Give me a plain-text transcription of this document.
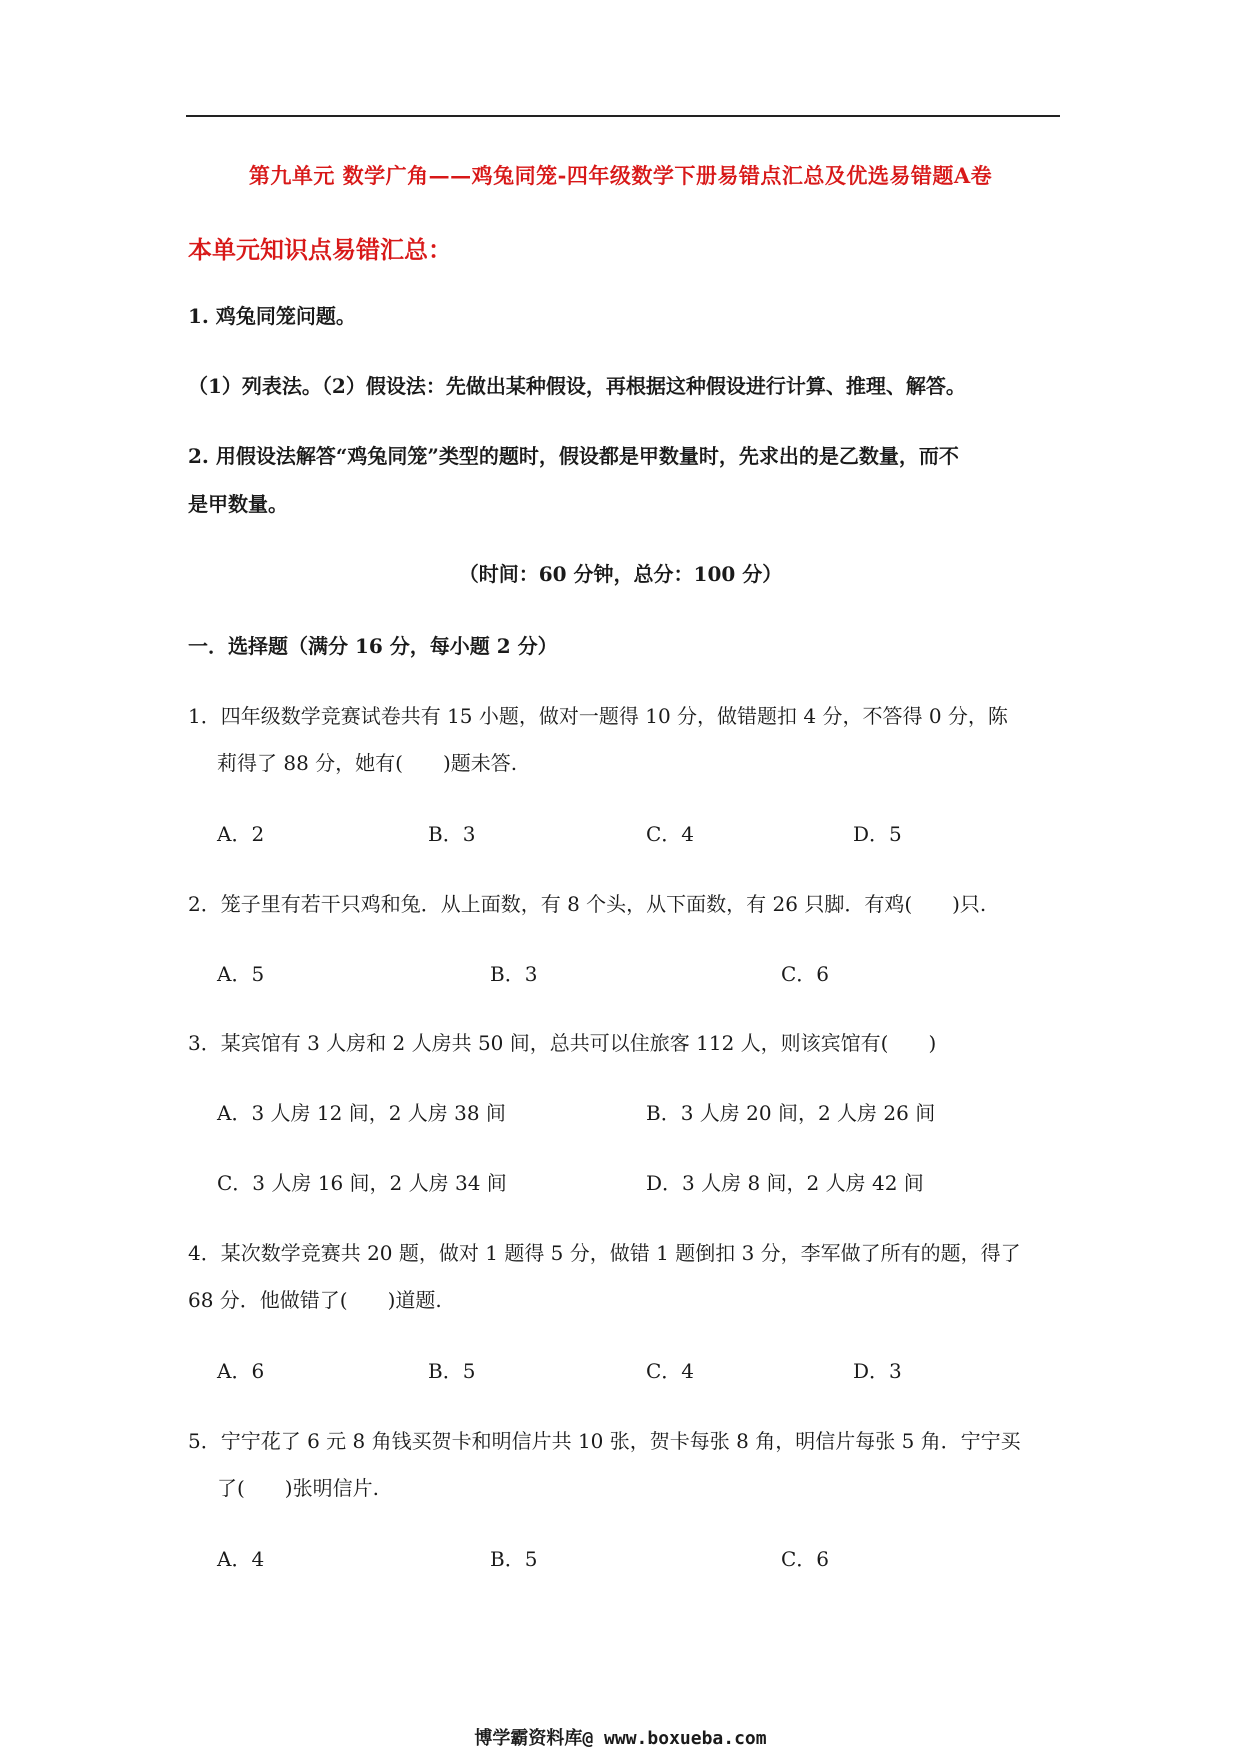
第九单元 数学广角——鸡兔同笼-四年级数学下册易错点汇总及优选易错题A卷
本单元知识点易错汇总：
1. 鸡兔同笼问题。
（1）列表法。（2）假设法：先做出某种假设，再根据这种假设进行计算、推理、解答。
2. 用假设法解答“鸡兔同笼”类型的题时，假设都是甲数量时，先求出的是乙数量，而不
是甲数量。
（时间：60 分钟，总分：100 分）
一．选择题（满分 16 分，每小题 2 分）
1．四年级数学竞赛试卷共有 15 小题，做对一题得 10 分，做错题扣 4 分，不答得 0 分，陈
莉得了 88 分，她有(　　)题未答.
A．2	B．3	C．4	D．5
2．笼子里有若干只鸡和兔．从上面数，有 8 个头，从下面数，有 26 只脚．有鸡(　　)只.
A．5	B．3	C．6
3．某宾馆有 3 人房和 2 人房共 50 间，总共可以住旅客 112 人，则该宾馆有(　　)
A．3 人房 12 间，2 人房 38 间	B．3 人房 20 间，2 人房 26 间
C．3 人房 16 间，2 人房 34 间	D．3 人房 8 间，2 人房 42 间
4．某次数学竞赛共 20 题，做对 1 题得 5 分，做错 1 题倒扣 3 分，李军做了所有的题，得了
68 分．他做错了(　　)道题.
A．6	B．5	C．4	D．3
5．宁宁花了 6 元 8 角钱买贺卡和明信片共 10 张，贺卡每张 8 角，明信片每张 5 角．宁宁买
了(　　)张明信片.
A．4	B．5	C．6
博学霸资料库@ www.boxueba.com
